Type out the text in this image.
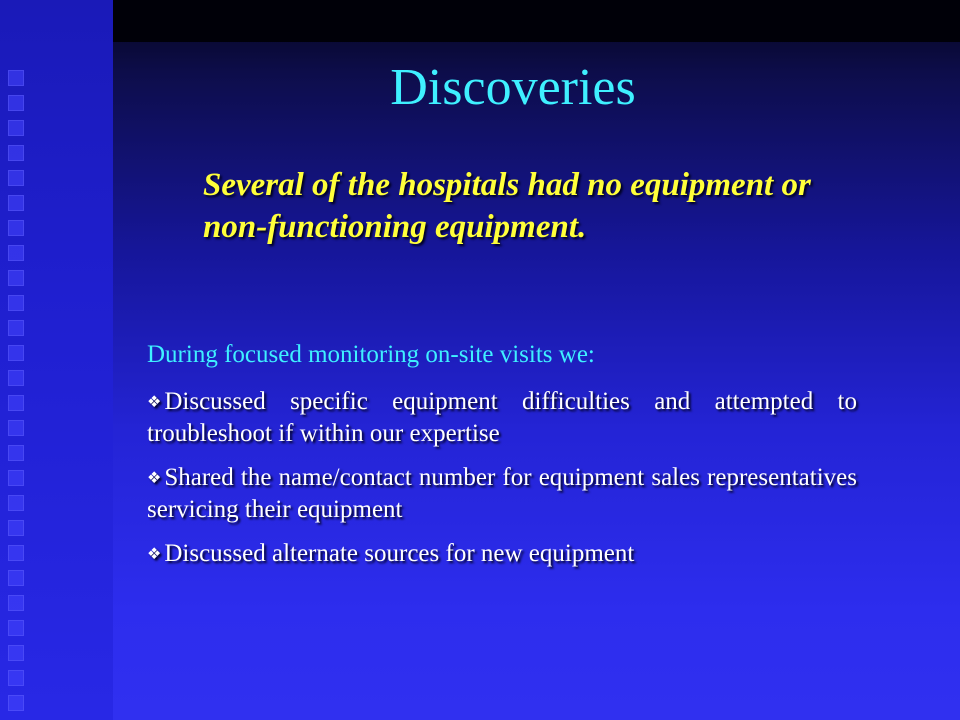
Discoveries
Several of the hospitals had no equipment or non-functioning equipment.
During focused monitoring on-site visits we:
❖ Discussed specific equipment difficulties and attempted to troubleshoot if within our expertise
❖ Shared the name/contact number for equipment sales representatives servicing their equipment
❖ Discussed alternate sources for new equipment
